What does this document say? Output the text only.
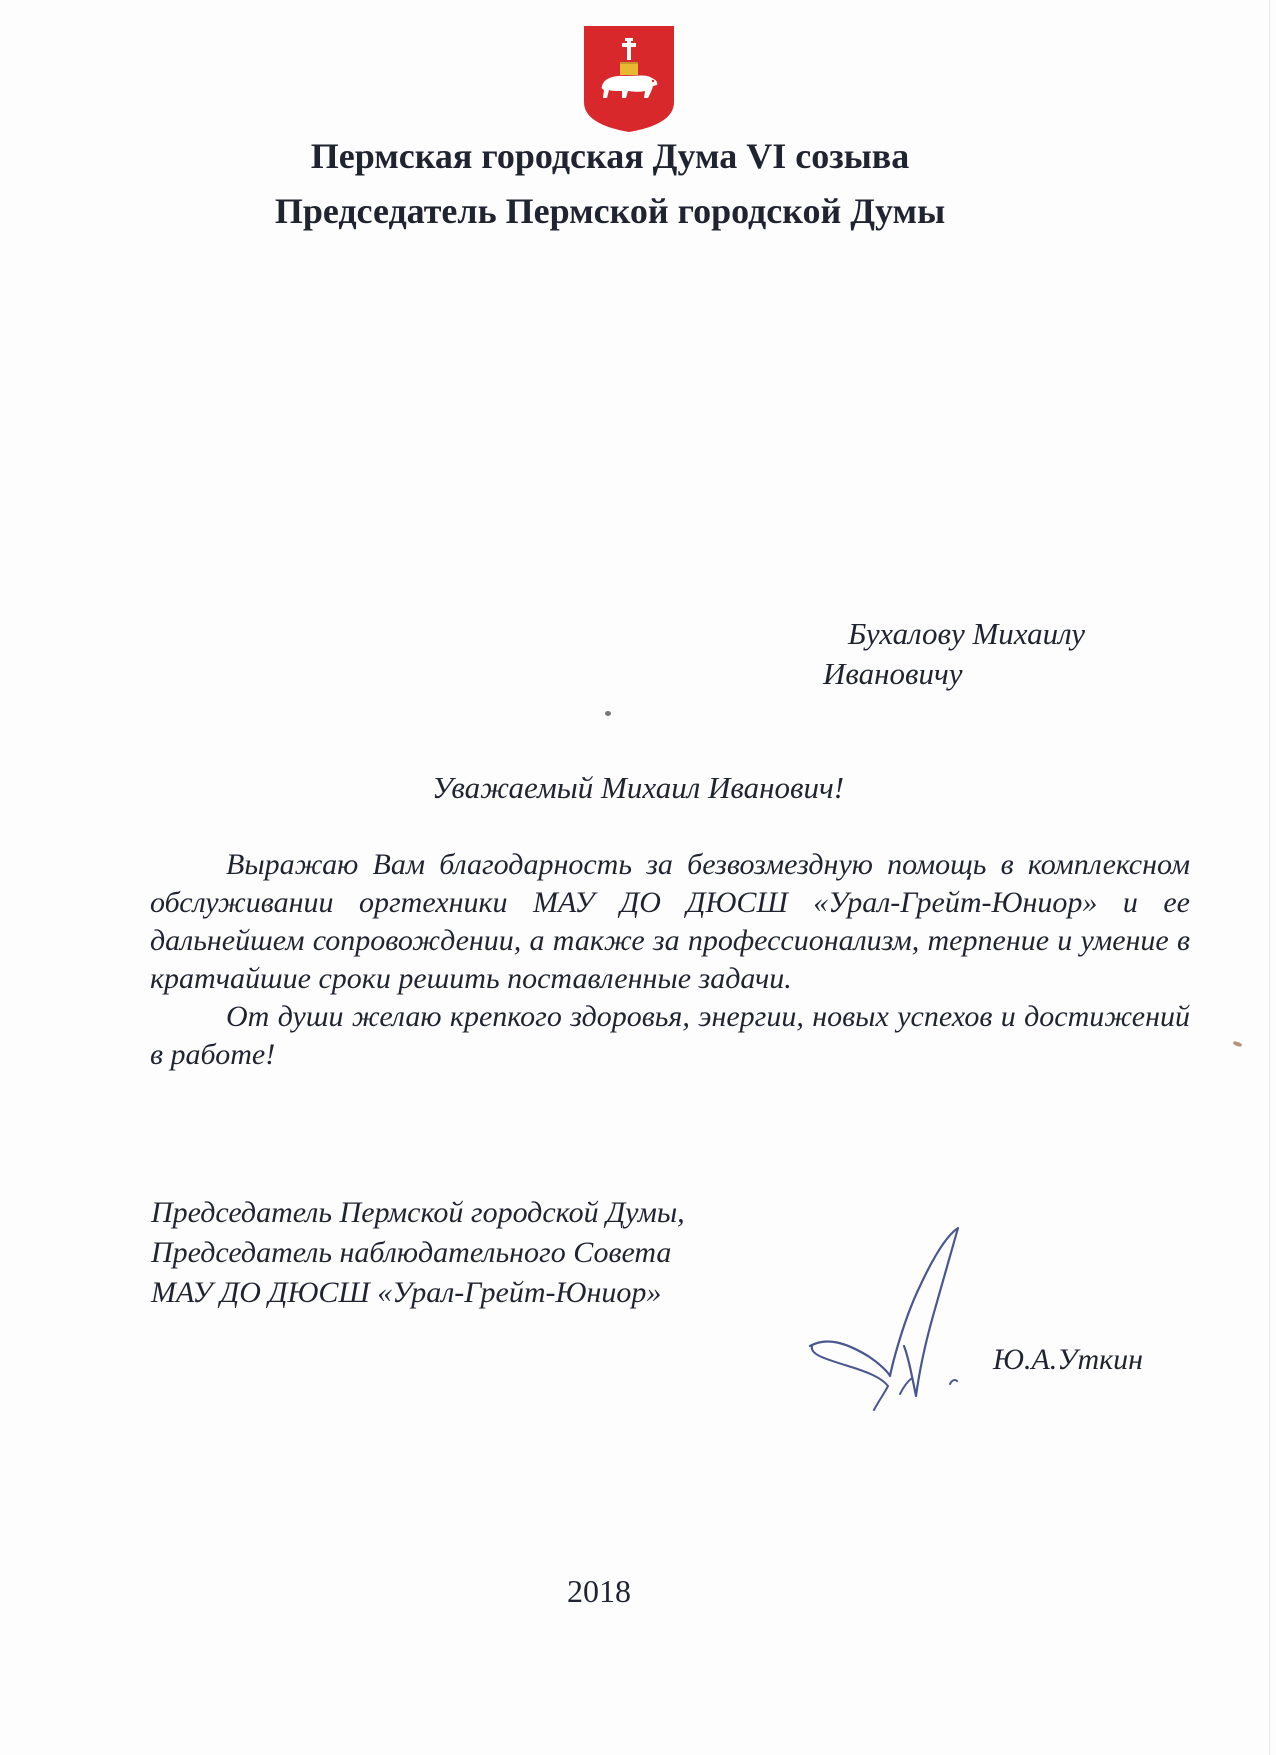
Пермская городская Дума VI созыва
Председатель Пермской городской Думы
Бухалову Михаилу
Ивановичу
Уважаемый Михаил Иванович!

Выражаю Вам благодарность за безвозмездную помощь в комплексном обслуживании оргтехники МАУ ДО ДЮСШ «Урал-Грейт-Юниор» и ее дальнейшем сопровождении, а также за профессионализм, терпение и умение в кратчайшие сроки решить поставленные задачи.

От души желаю крепкого здоровья, энергии, новых успехов и достижений в работе!

Председатель Пермской городской Думы,
Председатель наблюдательного Совета
МАУ ДО ДЮСШ «Урал-Грейт-Юниор»
Ю.А.Уткин
2018
